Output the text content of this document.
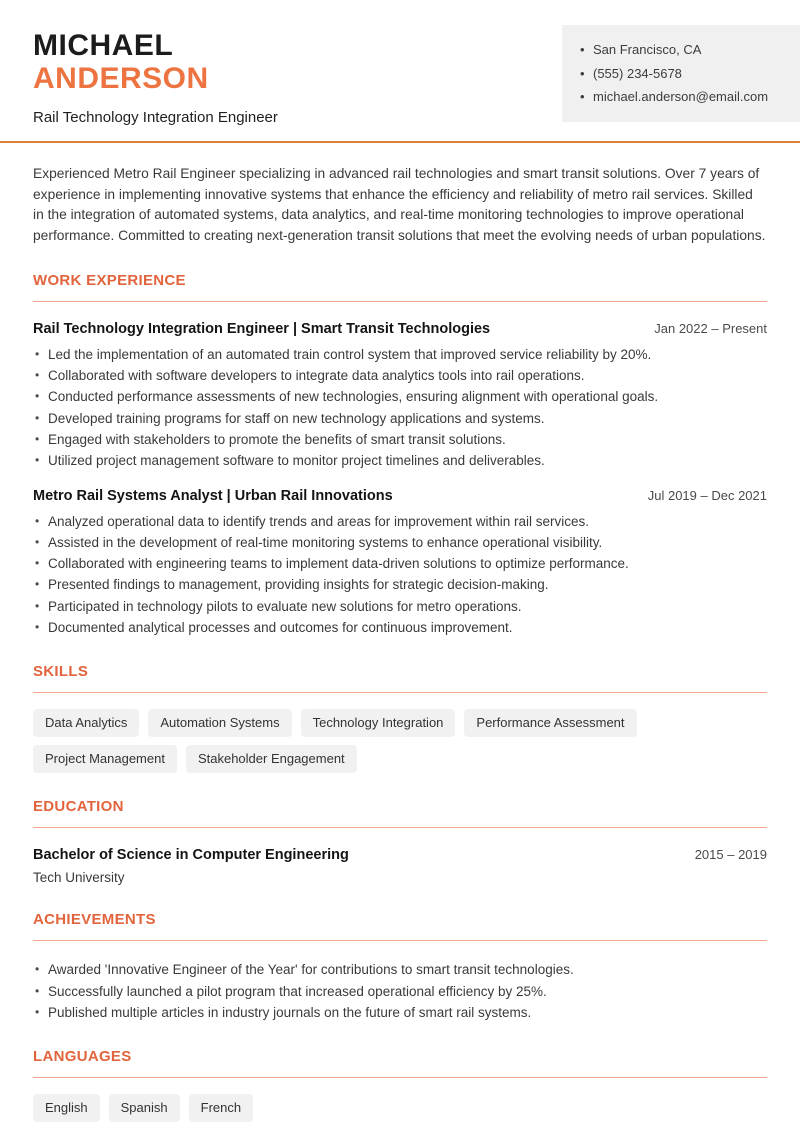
MICHAEL
ANDERSON
Rail Technology Integration Engineer
• San Francisco, CA
• (555) 234-5678
• michael.anderson@email.com

Experienced Metro Rail Engineer specializing in advanced rail technologies and smart transit solutions. Over 7 years of experience in implementing innovative systems that enhance the efficiency and reliability of metro rail services. Skilled in the integration of automated systems, data analytics, and real-time monitoring technologies to improve operational performance. Committed to creating next-generation transit solutions that meet the evolving needs of urban populations.

WORK EXPERIENCE
Rail Technology Integration Engineer | Smart Transit Technologies	Jan 2022 – Present
• Led the implementation of an automated train control system that improved service reliability by 20%.
• Collaborated with software developers to integrate data analytics tools into rail operations.
• Conducted performance assessments of new technologies, ensuring alignment with operational goals.
• Developed training programs for staff on new technology applications and systems.
• Engaged with stakeholders to promote the benefits of smart transit solutions.
• Utilized project management software to monitor project timelines and deliverables.
Metro Rail Systems Analyst | Urban Rail Innovations	Jul 2019 – Dec 2021
• Analyzed operational data to identify trends and areas for improvement within rail services.
• Assisted in the development of real-time monitoring systems to enhance operational visibility.
• Collaborated with engineering teams to implement data-driven solutions to optimize performance.
• Presented findings to management, providing insights for strategic decision-making.
• Participated in technology pilots to evaluate new solutions for metro operations.
• Documented analytical processes and outcomes for continuous improvement.
SKILLS
Data Analytics	Automation Systems	Technology Integration	Performance Assessment
Project Management	Stakeholder Engagement
EDUCATION
Bachelor of Science in Computer Engineering	2015 – 2019
Tech University
ACHIEVEMENTS
• Awarded 'Innovative Engineer of the Year' for contributions to smart transit technologies.
• Successfully launched a pilot program that increased operational efficiency by 25%.
• Published multiple articles in industry journals on the future of smart rail systems.
LANGUAGES
English	Spanish	French
